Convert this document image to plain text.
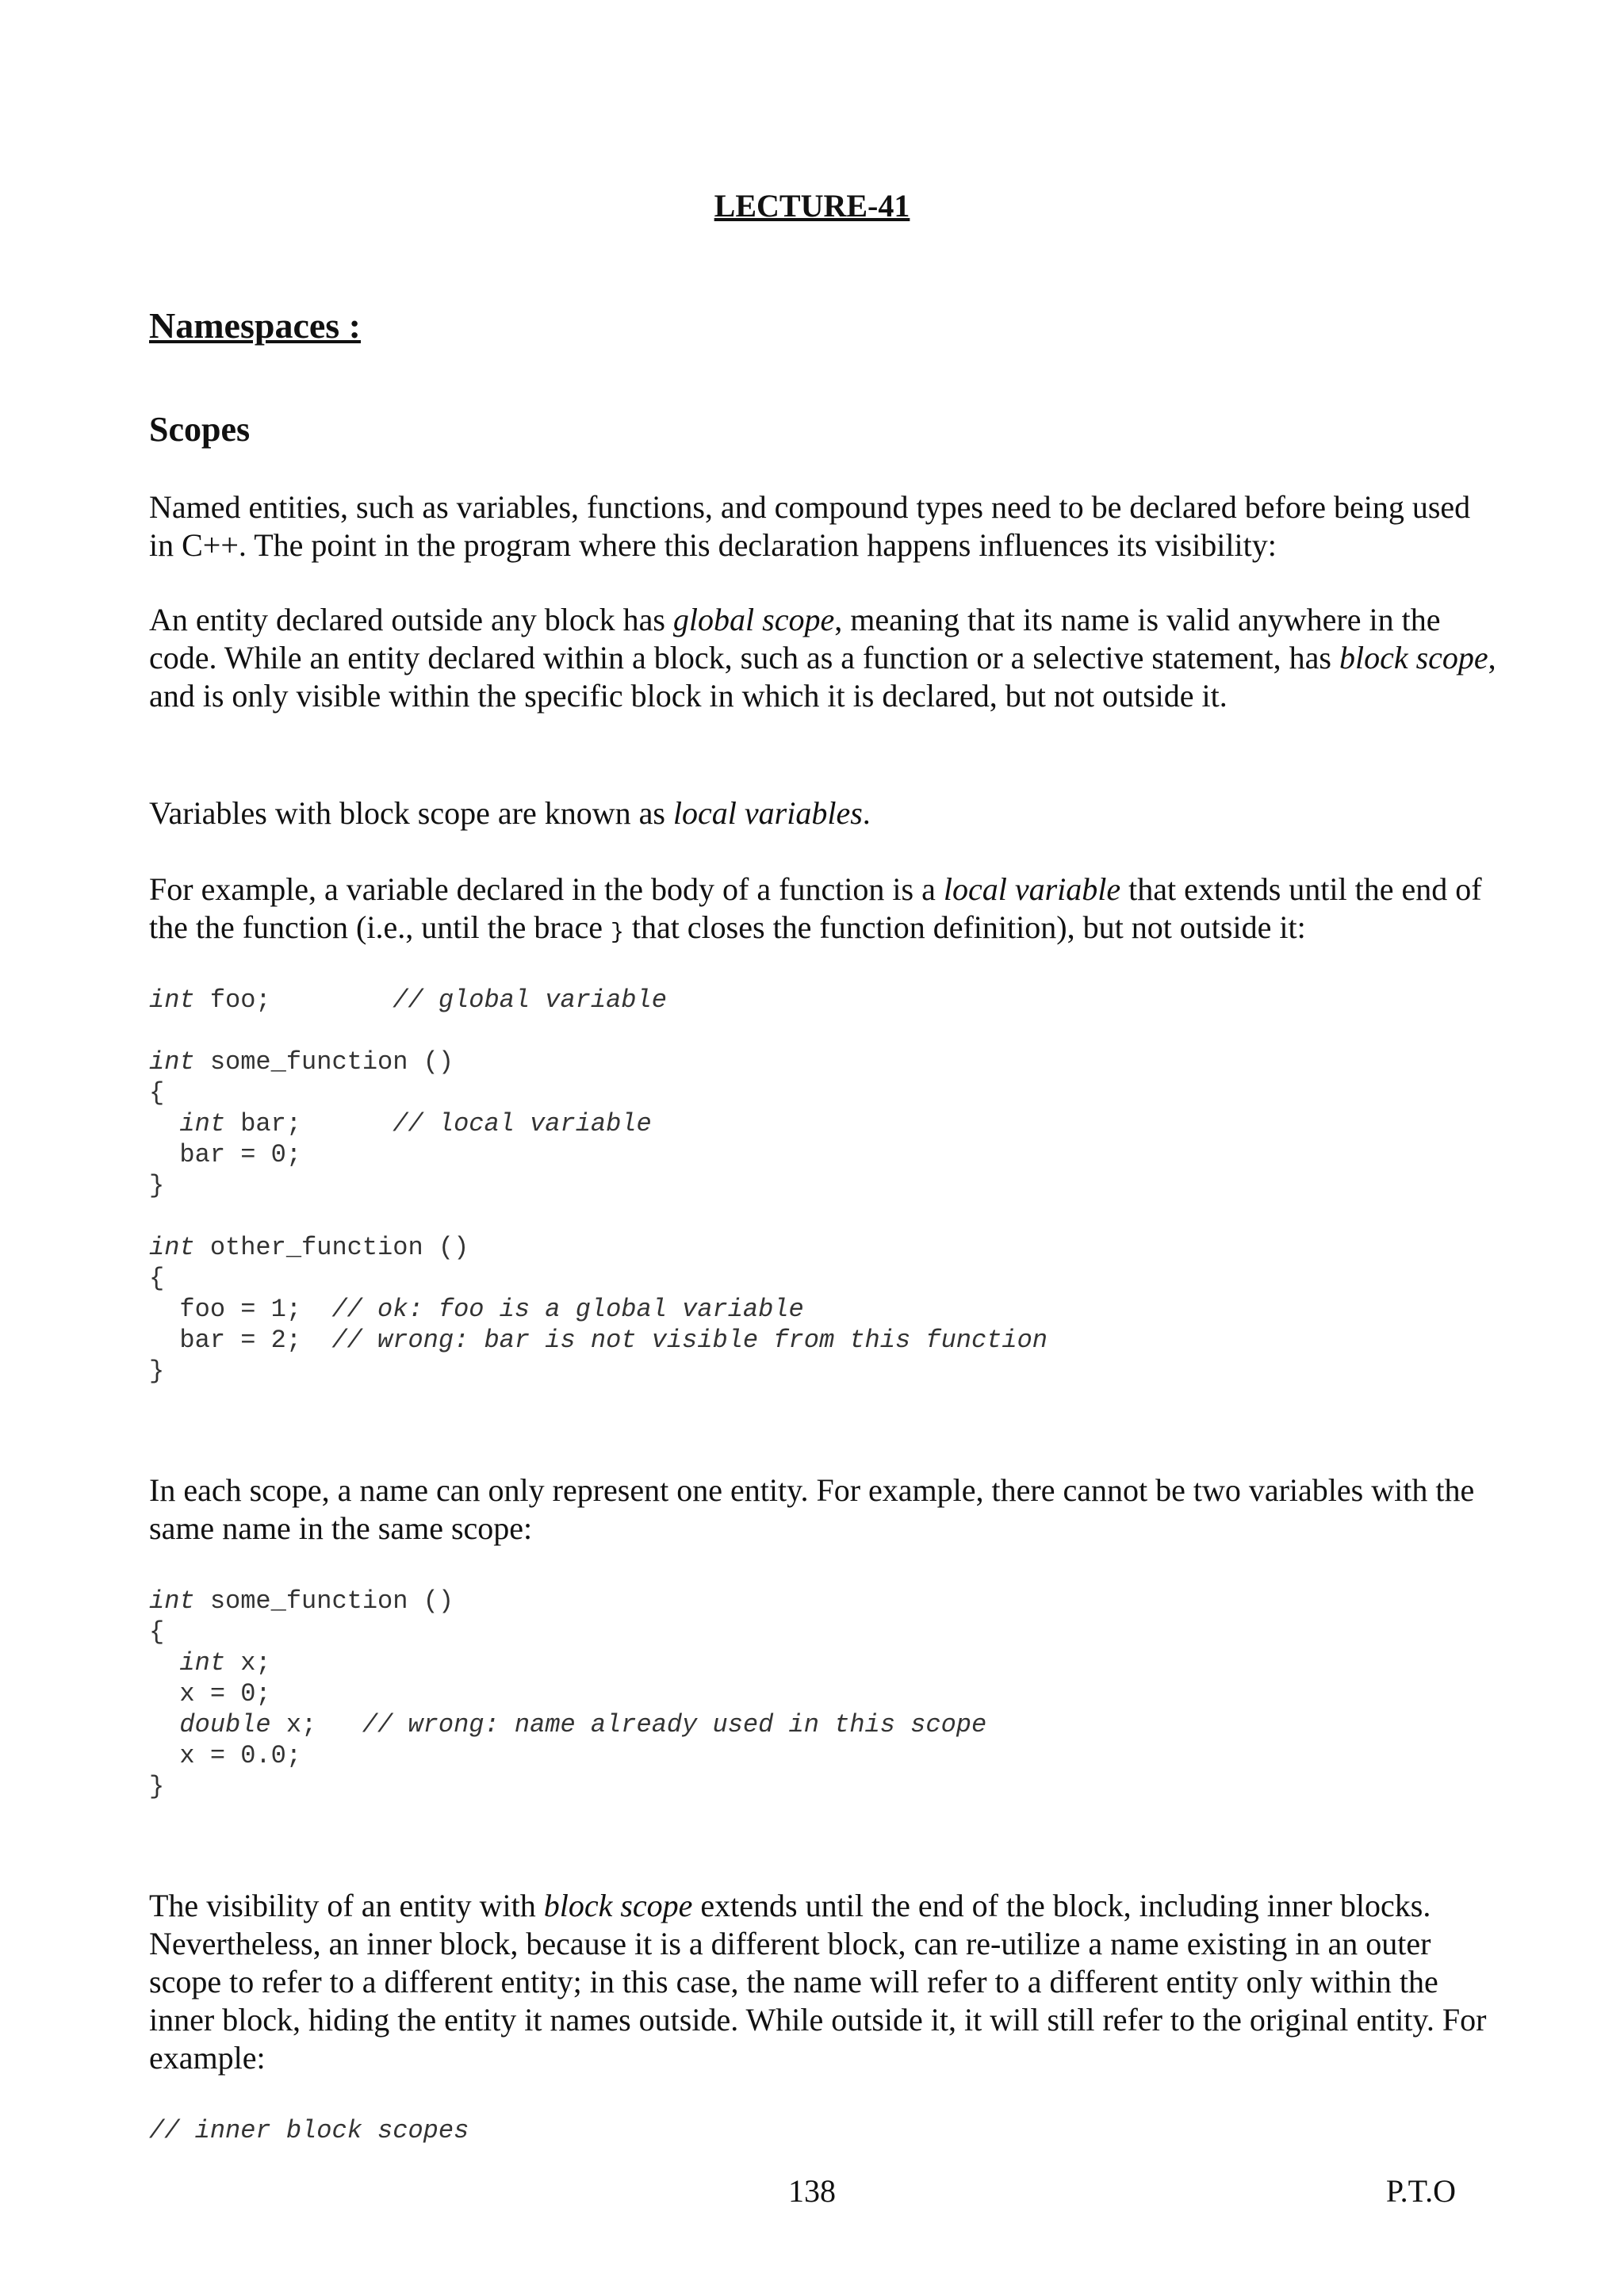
LECTURE-41
Namespaces :
Scopes

Named entities, such as variables, functions, and compound types need to be declared before being used in C++. The point in the program where this declaration happens influences its visibility:

An entity declared outside any block has global scope, meaning that its name is valid anywhere in the code. While an entity declared within a block, such as a function or a selective statement, has block scope, and is only visible within the specific block in which it is declared, but not outside it.

Variables with block scope are known as local variables.

For example, a variable declared in the body of a function is a local variable that extends until the end of the the function (i.e., until the brace } that closes the function definition), but not outside it:

int foo;        // global variable
int some_function ()
{
int bar;      // local variable
bar = 0;
}
int other_function ()
{
foo = 1;  // ok: foo is a global variable
bar = 2;  // wrong: bar is not visible from this function
}

In each scope, a name can only represent one entity. For example, there cannot be two variables with the same name in the same scope:

int some_function ()
{
int x;
x = 0;
double x;   // wrong: name already used in this scope
x = 0.0;
}

The visibility of an entity with block scope extends until the end of the block, including inner blocks. Nevertheless, an inner block, because it is a different block, can re-utilize a name existing in an outer scope to refer to a different entity; in this case, the name will refer to a different entity only within the inner block, hiding the entity it names outside. While outside it, it will still refer to the original entity. For example:

// inner block scopes
138	P.T.O
